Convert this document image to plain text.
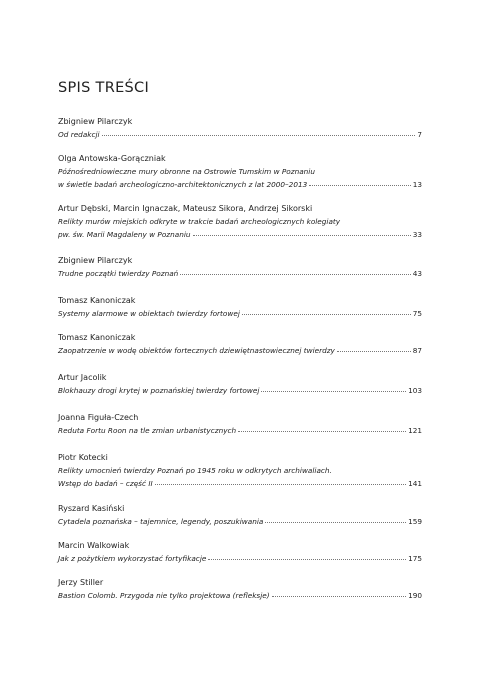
SPIS TREŚCI
Zbigniew Pilarczyk
Od redakcji	7
Olga Antowska-Gorączniak
Późnośredniowieczne mury obronne na Ostrowie Tumskim w Poznaniu
w świetle badań archeologiczno-architektonicznych z lat 2000–2013	13
Artur Dębski, Marcin Ignaczak, Mateusz Sikora, Andrzej Sikorski
Relikty murów miejskich odkryte w trakcie badań archeologicznych kolegiaty
pw. św. Marii Magdaleny w Poznaniu	33
Zbigniew Pilarczyk
Trudne początki twierdzy Poznań	43
Tomasz Kanoniczak
Systemy alarmowe w obiektach twierdzy fortowej	75
Tomasz Kanoniczak
Zaopatrzenie w wodę obiektów fortecznych dziewiętnastowiecznej twierdzy	87
Artur Jacolik
Blokhauzy drogi krytej w poznańskiej twierdzy fortowej	103
Joanna Figuła-Czech
Reduta Fortu Roon na tle zmian urbanistycznych	121
Piotr Kotecki
Relikty umocnień twierdzy Poznań po 1945 roku w odkrytych archiwaliach.
Wstęp do badań – część II	141
Ryszard Kasiński
Cytadela poznańska – tajemnice, legendy, poszukiwania	159
Marcin Walkowiak
Jak z pożytkiem wykorzystać fortyfikacje	175
Jerzy Stiller
Bastion Colomb. Przygoda nie tylko projektowa (refleksje)	190
